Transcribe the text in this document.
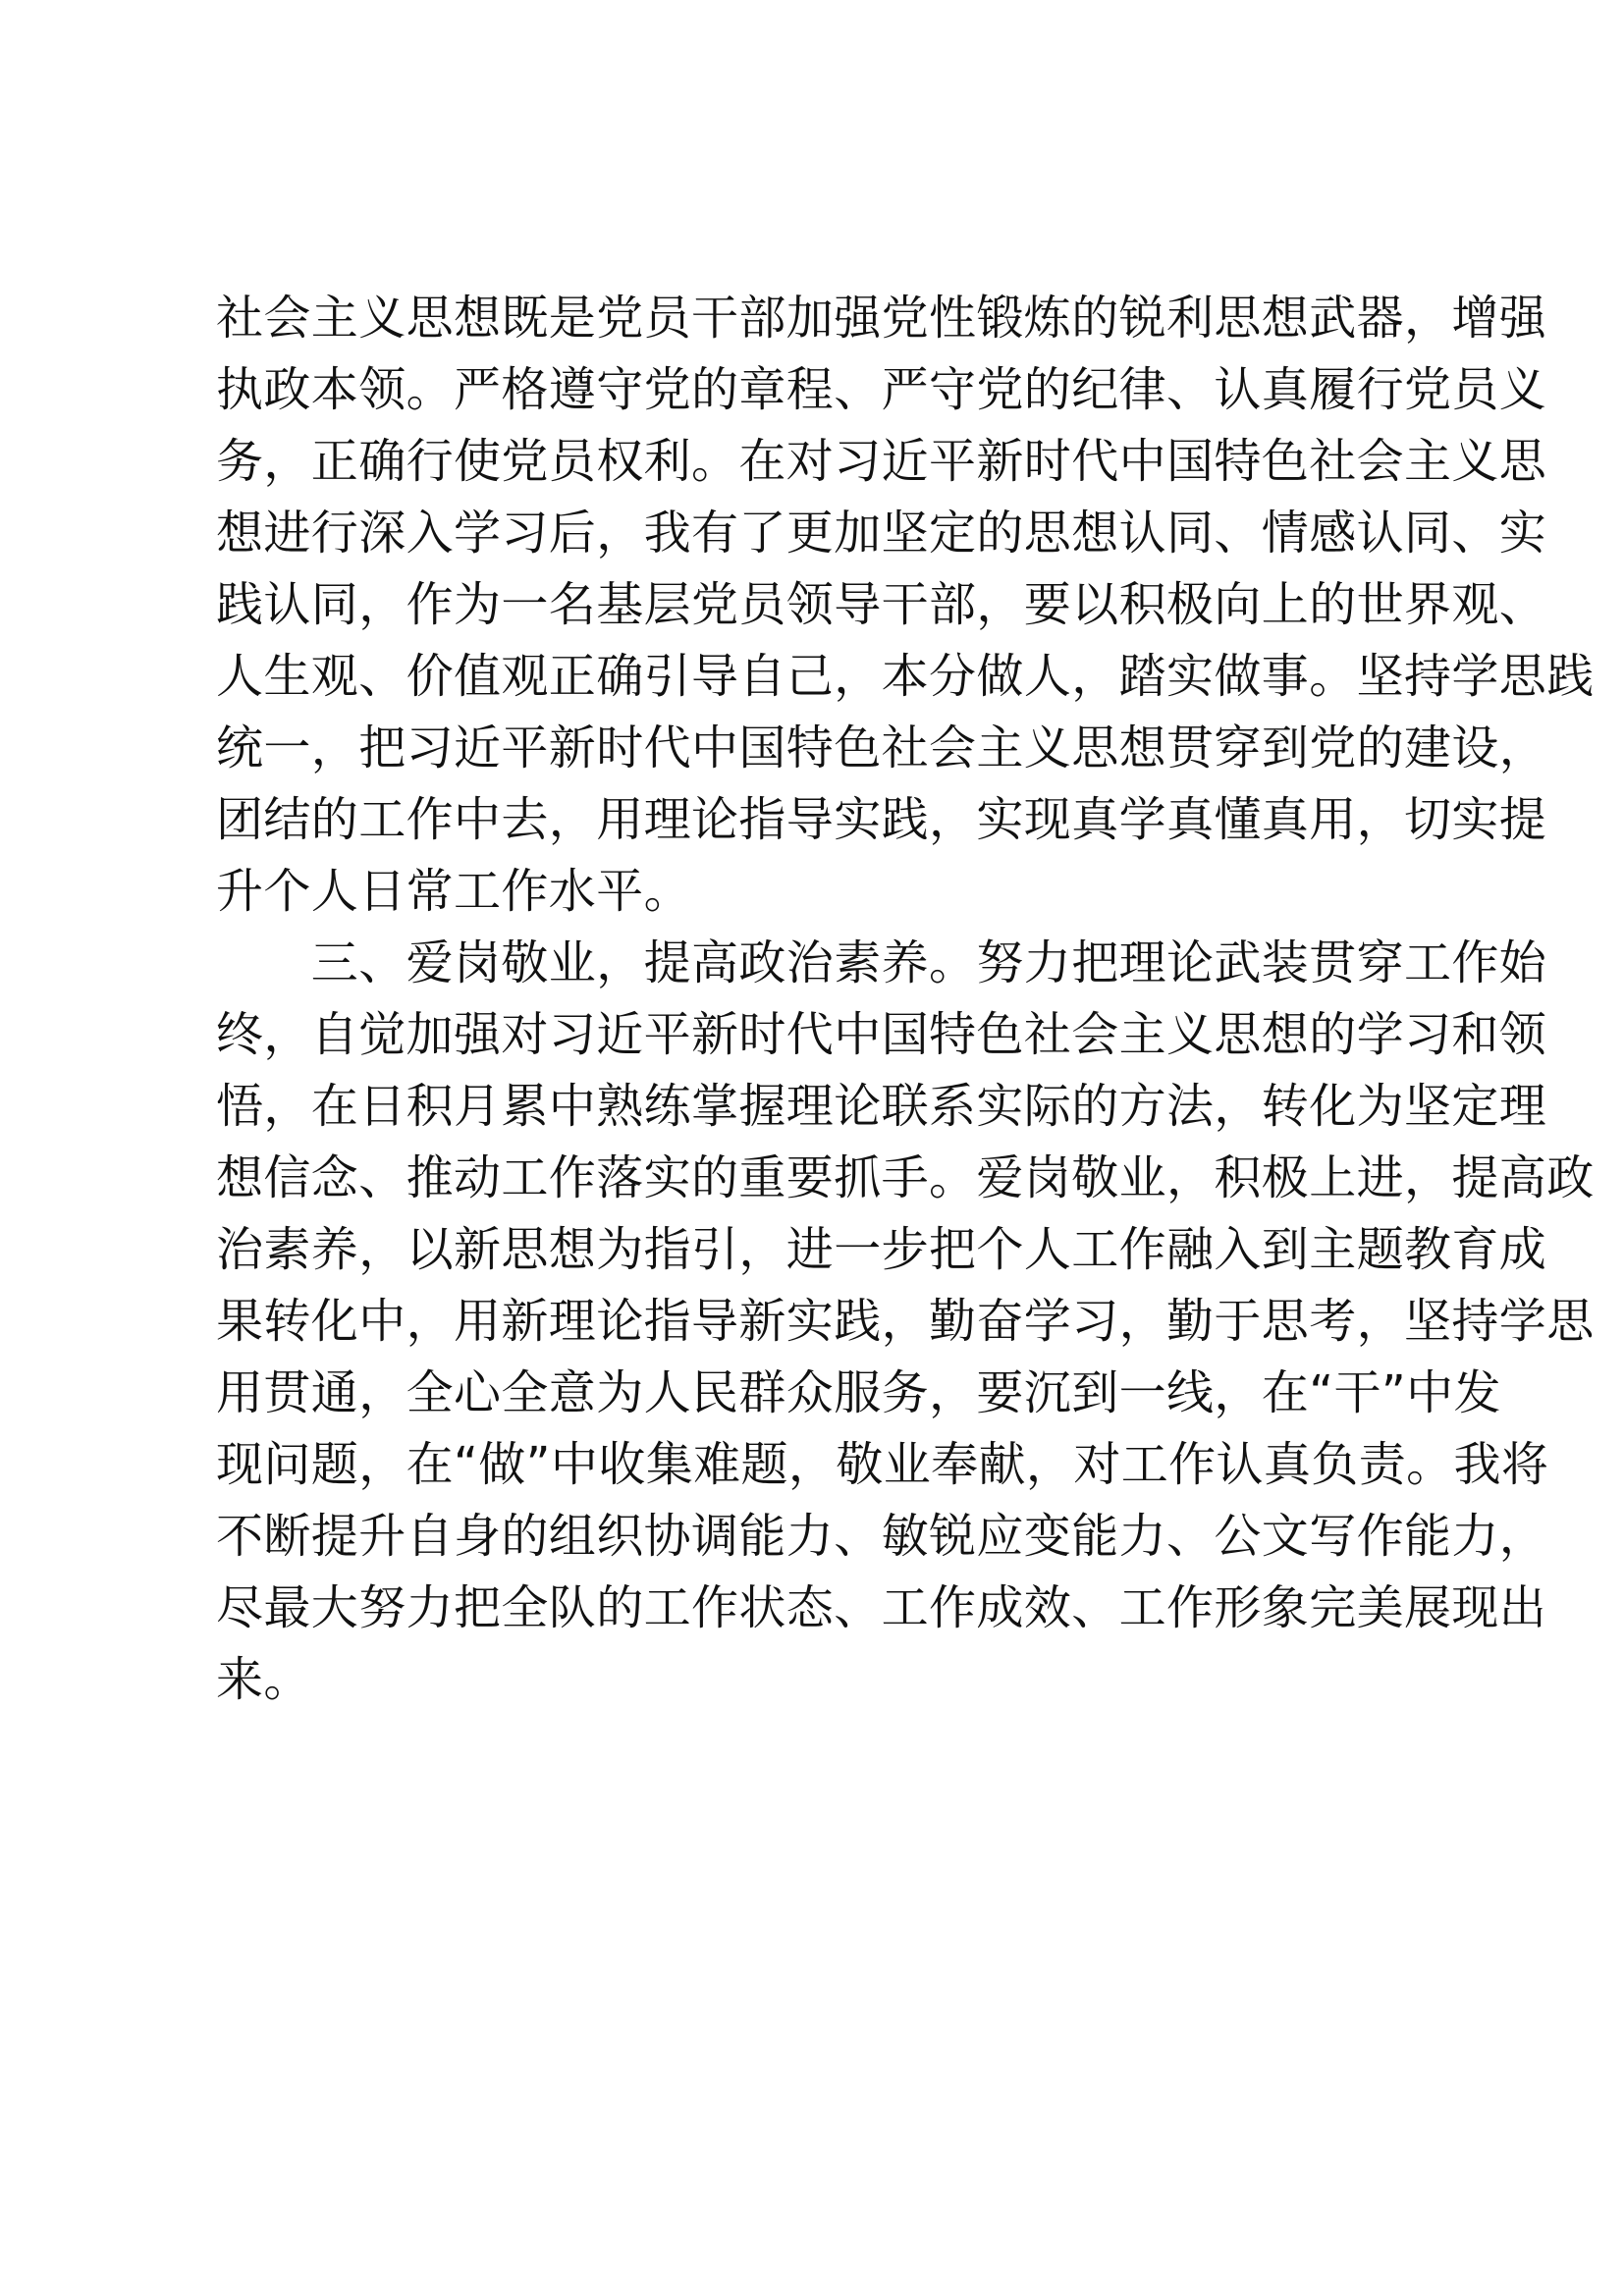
社会主义思想既是党员干部加强党性锻炼的锐利思想武器，增强
执政本领。严格遵守党的章程、严守党的纪律、认真履行党员义
务，正确行使党员权利。在对习近平新时代中国特色社会主义思
想进行深入学习后，我有了更加坚定的思想认同、情感认同、实
践认同，作为一名基层党员领导干部，要以积极向上的世界观、
人生观、价值观正确引导自己，本分做人，踏实做事。坚持学思践
统一，把习近平新时代中国特色社会主义思想贯穿到党的建设，
团结的工作中去，用理论指导实践，实现真学真懂真用，切实提
升个人日常工作水平。
　　三、爱岗敬业，提高政治素养。努力把理论武装贯穿工作始
终，自觉加强对习近平新时代中国特色社会主义思想的学习和领
悟，在日积月累中熟练掌握理论联系实际的方法，转化为坚定理
想信念、推动工作落实的重要抓手。爱岗敬业，积极上进，提高政
治素养，以新思想为指引，进一步把个人工作融入到主题教育成
果转化中，用新理论指导新实践，勤奋学习，勤于思考，坚持学思
用贯通，全心全意为人民群众服务，要沉到一线，在“干”中发
现问题，在“做”中收集难题，敬业奉献，对工作认真负责。我将
不断提升自身的组织协调能力、敏锐应变能力、公文写作能力，
尽最大努力把全队的工作状态、工作成效、工作形象完美展现出
来。
